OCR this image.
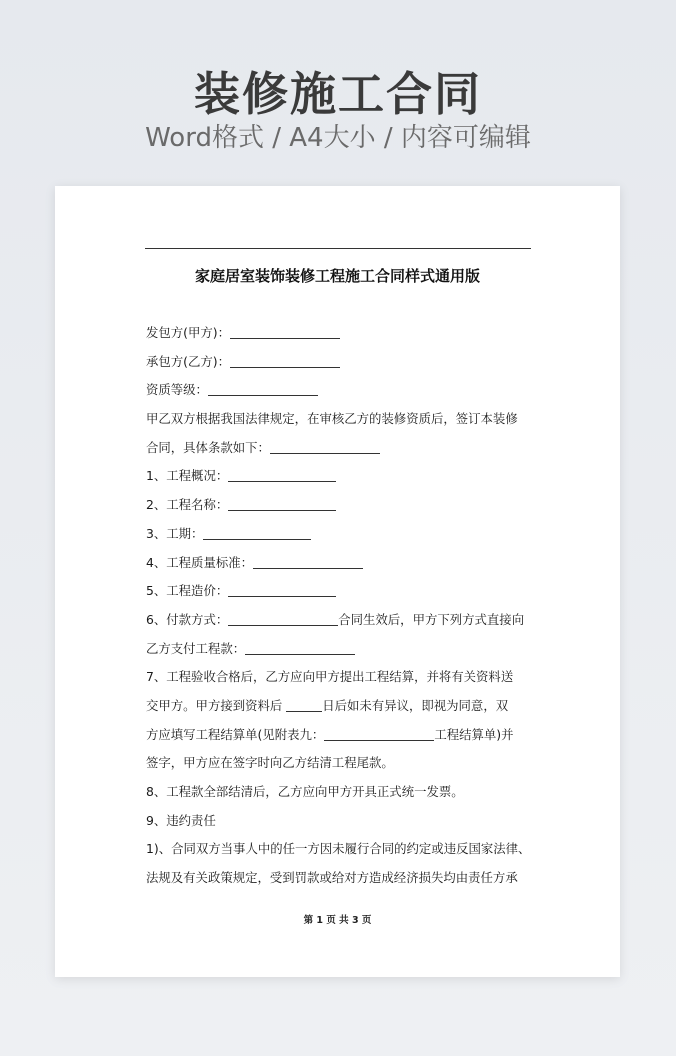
装修施工合同
Word格式 / A4大小 / 内容可编辑
家庭居室装饰装修工程施工合同样式通用版
发包方(甲方)：
承包方(乙方)：
资质等级：
甲乙双方根据我国法律规定，在审核乙方的装修资质后，签订本装修
合同，具体条款如下：
1、工程概况：
2、工程名称：
3、工期：
4、工程质量标准：
5、工程造价：
6、付款方式：	合同生效后，甲方下列方式直接向
乙方支付工程款：
7、工程验收合格后，乙方应向甲方提出工程结算，并将有关资料送
交甲方。甲方接到资料后	日后如未有异议，即视为同意，双
方应填写工程结算单(见附表九：	工程结算单)并
签字，甲方应在签字时向乙方结清工程尾款。
8、工程款全部结清后，乙方应向甲方开具正式统一发票。
9、违约责任
1)、合同双方当事人中的任一方因未履行合同的约定或违反国家法律、
法规及有关政策规定，受到罚款或给对方造成经济损失均由责任方承
第 1 页 共 3 页
